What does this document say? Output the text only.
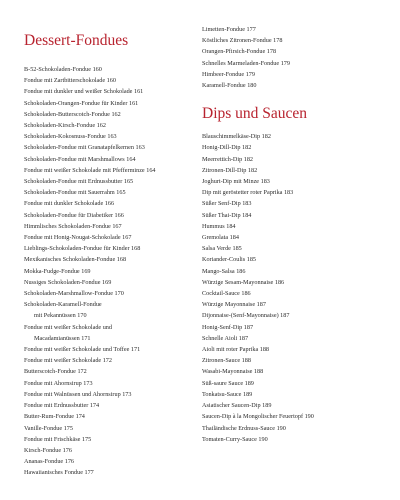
Dessert-Fondues
B-52-Schokoladen-Fondue 160
Fondue mit Zartbitterschokolade 160
Fondue mit dunkler und weißer Schokolade 161
Schokoladen-Orangen-Fondue für Kinder 161
Schokoladen-Butterscotch-Fondue 162
Schokoladen-Kirsch-Fondue 162
Schokoladen-Kokosnuss-Fondue 163
Schokoladen-Fondue mit Granatapfelkernen 163
Schokoladen-Fondue mit Marshmallows 164
Fondue mit weißer Schokolade mit Pfefferminze 164
Schokoladen-Fondue mit Erdnussbutter 165
Schokoladen-Fondue mit Sauerrahm 165
Fondue mit dunkler Schokolade 166
Schokoladen-Fondue für Diabetiker 166
Himmlisches Schokoladen-Fondue 167
Fondue mit Honig-Nougat-Schokolade 167
Lieblings-Schokoladen-Fondue für Kinder 168
Mexikanisches Schokoladen-Fondue 168
Mokka-Fudge-Fondue 169
Nussiges Schokoladen-Fondue 169
Schokoladen-Marshmallow-Fondue 170
Schokoladen-Karamell-Fondue
mit Pekannüssen 170
Fondue mit weißer Schokolade und
Macadamianüssen 171
Fondue mit weißer Schokolade und Toffee 171
Fondue mit weißer Schokolade 172
Butterscotch-Fondue 172
Fondue mit Ahornsirup 173
Fondue mit Walnüssen und Ahornsirup 173
Fondue mit Erdnussbutter 174
Butter-Rum-Fondue 174
Vanille-Fondue 175
Fondue mit Frischkäse 175
Kirsch-Fondue 176
Ananas-Fondue 176
Hawaiianisches Fondue 177
Limetten-Fondue 177
Köstliches Zitronen-Fondue 178
Orangen-Pfirsich-Fondue 178
Schnelles Marmeladen-Fondue 179
Himbeer-Fondue 179
Karamell-Fondue 180
Dips und Saucen
Blauschimmelkäse-Dip 182
Honig-Dill-Dip 182
Meerrettich-Dip 182
Zitronen-Dill-Dip 182
Joghurt-Dip mit Minze 183
Dip mit geröstetter roter Paprika 183
Süßer Senf-Dip 183
Süßer Thai-Dip 184
Hummus 184
Gremolata 184
Salsa Verde 185
Koriander-Coulis 185
Mango-Salsa 186
Würzige Sesam-Mayonnaise 186
Cocktail-Sauce 186
Würzige Mayonnaise 187
Dijonnaise-(Senf-Mayonnaise) 187
Honig-Senf-Dip 187
Schnelle Aioli 187
Aioli mit roter Paprika 188
Zitronen-Sauce 188
Wasabi-Mayonnaise 188
Süß-saure Sauce 189
Tonkatsu-Sauce 189
Asiatischer Saucen-Dip 189
Saucen-Dip à la Mongolischer Feuertopf 190
Thailändische Erdnuss-Sauce 190
Tomaten-Curry-Sauce 190
